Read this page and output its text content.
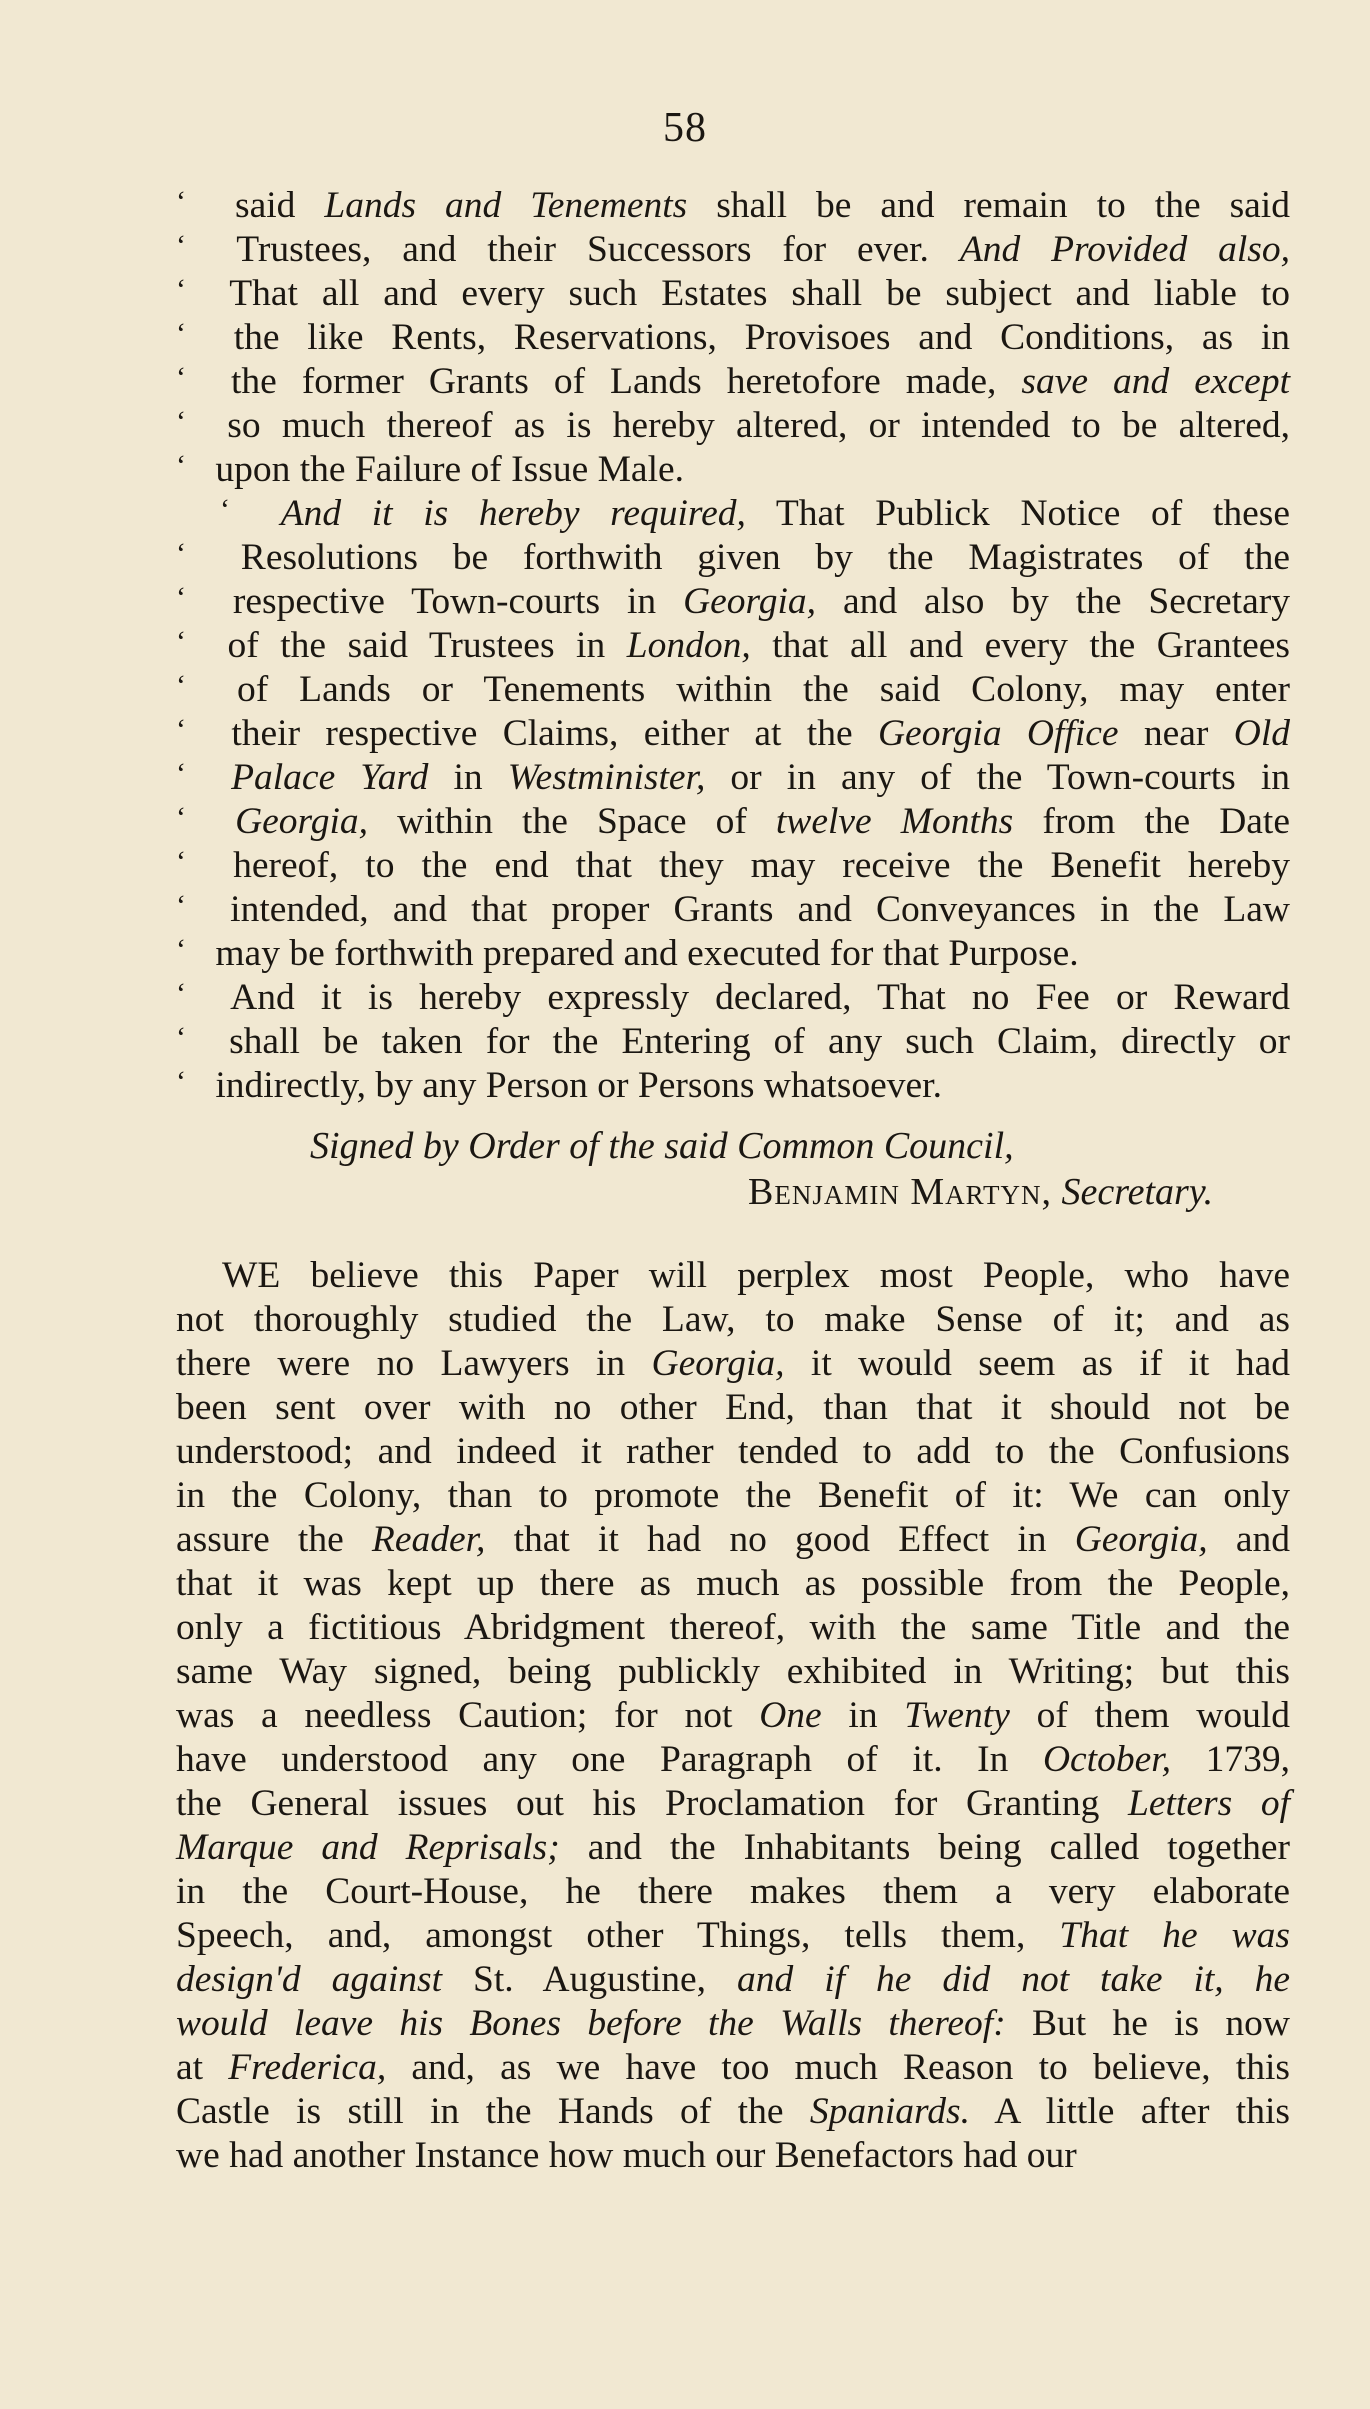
58
‘ said Lands and Tenements shall be and remain to the said
‘ Trustees, and their Successors for ever. And Provided also,
‘ That all and every such Estates shall be subject and liable to
‘ the like Rents, Reservations, Provisoes and Conditions, as in
‘ the former Grants of Lands heretofore made, save and except
‘ so much thereof as is hereby altered, or intended to be altered,
‘ upon the Failure of Issue Male.
‘ And it is hereby required, That Publick Notice of these
‘ Resolutions be forthwith given by the Magistrates of the
‘ respective Town-courts in Georgia, and also by the Secretary
‘ of the said Trustees in London, that all and every the Grantees
‘ of Lands or Tenements within the said Colony, may enter
‘ their respective Claims, either at the Georgia Office near Old
‘ Palace Yard in Westminister, or in any of the Town-courts in
‘ Georgia, within the Space of twelve Months from the Date
‘ hereof, to the end that they may receive the Benefit hereby
‘ intended, and that proper Grants and Conveyances in the Law
‘ may be forthwith prepared and executed for that Purpose.
‘ And it is hereby expressly declared, That no Fee or Reward
‘ shall be taken for the Entering of any such Claim, directly or
‘ indirectly, by any Person or Persons whatsoever.
WE believe this Paper will perplex most People, who have
not thoroughly studied the Law, to make Sense of it; and as
there were no Lawyers in Georgia, it would seem as if it had
been sent over with no other End, than that it should not be
understood; and indeed it rather tended to add to the Confusions
in the Colony, than to promote the Benefit of it: We can only
assure the Reader, that it had no good Effect in Georgia, and
that it was kept up there as much as possible from the People,
only a fictitious Abridgment thereof, with the same Title and the
same Way signed, being publickly exhibited in Writing; but this
was a needless Caution; for not One in Twenty of them would
have understood any one Paragraph of it. In October, 1739,
the General issues out his Proclamation for Granting Letters of
Marque and Reprisals; and the Inhabitants being called together
in the Court-House, he there makes them a very elaborate
Speech, and, amongst other Things, tells them, That he was
design'd against St. Augustine, and if he did not take it, he
would leave his Bones before the Walls thereof: But he is now
at Frederica, and, as we have too much Reason to believe, this
Castle is still in the Hands of the Spaniards. A little after this
we had another Instance how much our Benefactors had our
Signed by Order of the said Common Council,
Benjamin Martyn, Secretary.
